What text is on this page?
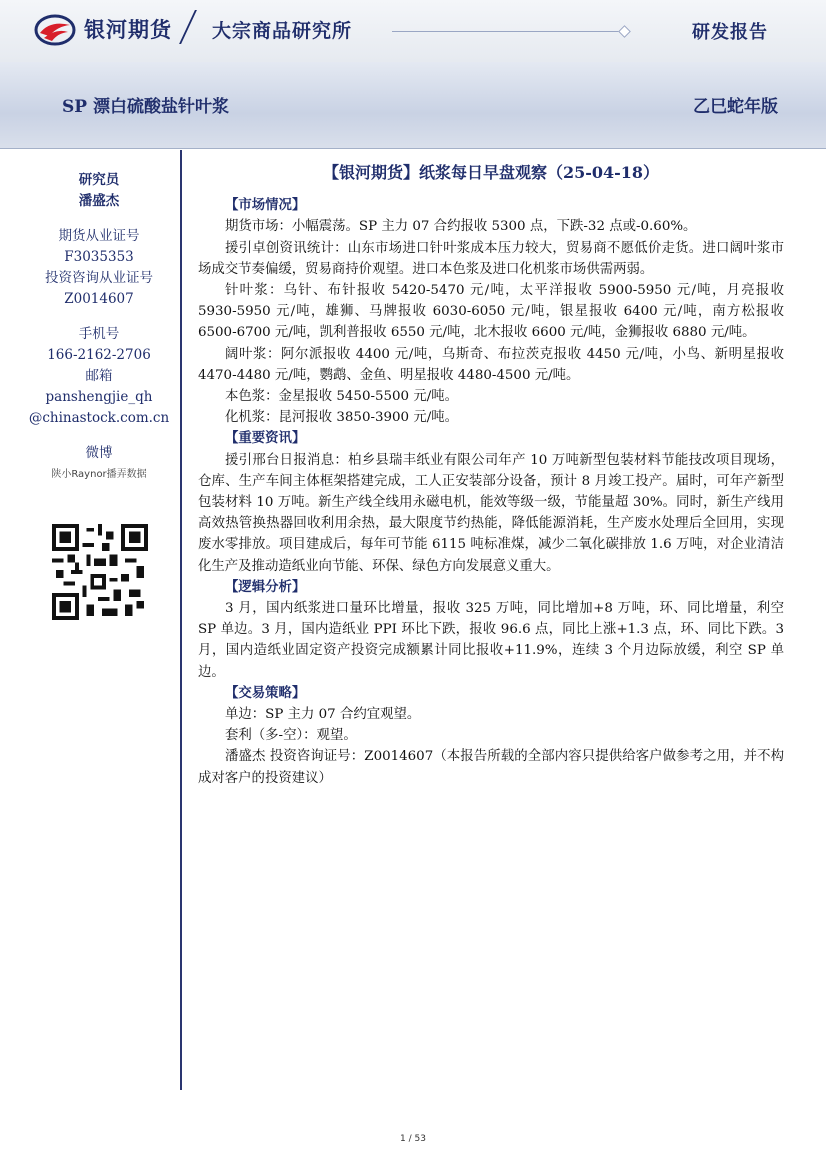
银河期货 大宗商品研究所	研发报告
SP 漂白硫酸盐针叶浆	乙巳蛇年版
研究员
潘盛杰
期货从业证号
F3035353
投资咨询从业证号
Z0014607
手机号
166-2162-2706
邮箱
panshengjie_qh
@chinastock.com.cn
微博
陕小Raynor播弄数据
【银河期货】纸浆每日早盘观察（25-04-18）
【市场情况】

期货市场：小幅震荡。SP 主力 07 合约报收 5300 点，下跌-32 点或-0.60%。

援引卓创资讯统计：山东市场进口针叶浆成本压力较大，贸易商不愿低价走货。进口阔叶浆市场成交节奏偏缓，贸易商持价观望。进口本色浆及进口化机浆市场供需两弱。

针叶浆：乌针、布针报收 5420-5470 元/吨，太平洋报收 5900-5950 元/吨，月亮报收 5930-5950 元/吨，雄狮、马牌报收 6030-6050 元/吨，银星报收 6400 元/吨，南方松报收 6500-6700 元/吨，凯利普报收 6550 元/吨，北木报收 6600 元/吨，金狮报收 6880 元/吨。

阔叶浆：阿尔派报收 4400 元/吨，乌斯奇、布拉茨克报收 4450 元/吨，小鸟、新明星报收 4470-4480 元/吨，鹦鹉、金鱼、明星报收 4480-4500 元/吨。

本色浆：金星报收 5450-5500 元/吨。

化机浆：昆河报收 3850-3900 元/吨。

【重要资讯】

援引邢台日报消息：柏乡县瑞丰纸业有限公司年产 10 万吨新型包装材料节能技改项目现场，仓库、生产车间主体框架搭建完成，工人正安装部分设备，预计 8 月竣工投产。届时，可年产新型包装材料 10 万吨。新生产线全线用永磁电机，能效等级一级，节能量超 30%。同时，新生产线用高效热管换热器回收利用余热，最大限度节约热能，降低能源消耗，生产废水处理后全回用，实现废水零排放。项目建成后，每年可节能 6115 吨标准煤，减少二氧化碳排放 1.6 万吨，对企业清洁化生产及推动造纸业向节能、环保、绿色方向发展意义重大。

【逻辑分析】

3 月，国内纸浆进口量环比增量，报收 325 万吨，同比增加+8 万吨，环、同比增量，利空 SP 单边。3 月，国内造纸业 PPI 环比下跌，报收 96.6 点，同比上涨+1.3 点，环、同比下跌。3 月，国内造纸业固定资产投资完成额累计同比报收+11.9%，连续 3 个月边际放缓，利空 SP 单边。

【交易策略】

单边：SP 主力 07 合约宜观望。

套利（多-空）：观望。

潘盛杰 投资咨询证号：Z0014607（本报告所载的全部内容只提供给客户做参考之用，并不构成对客户的投资建议）

1 / 53
